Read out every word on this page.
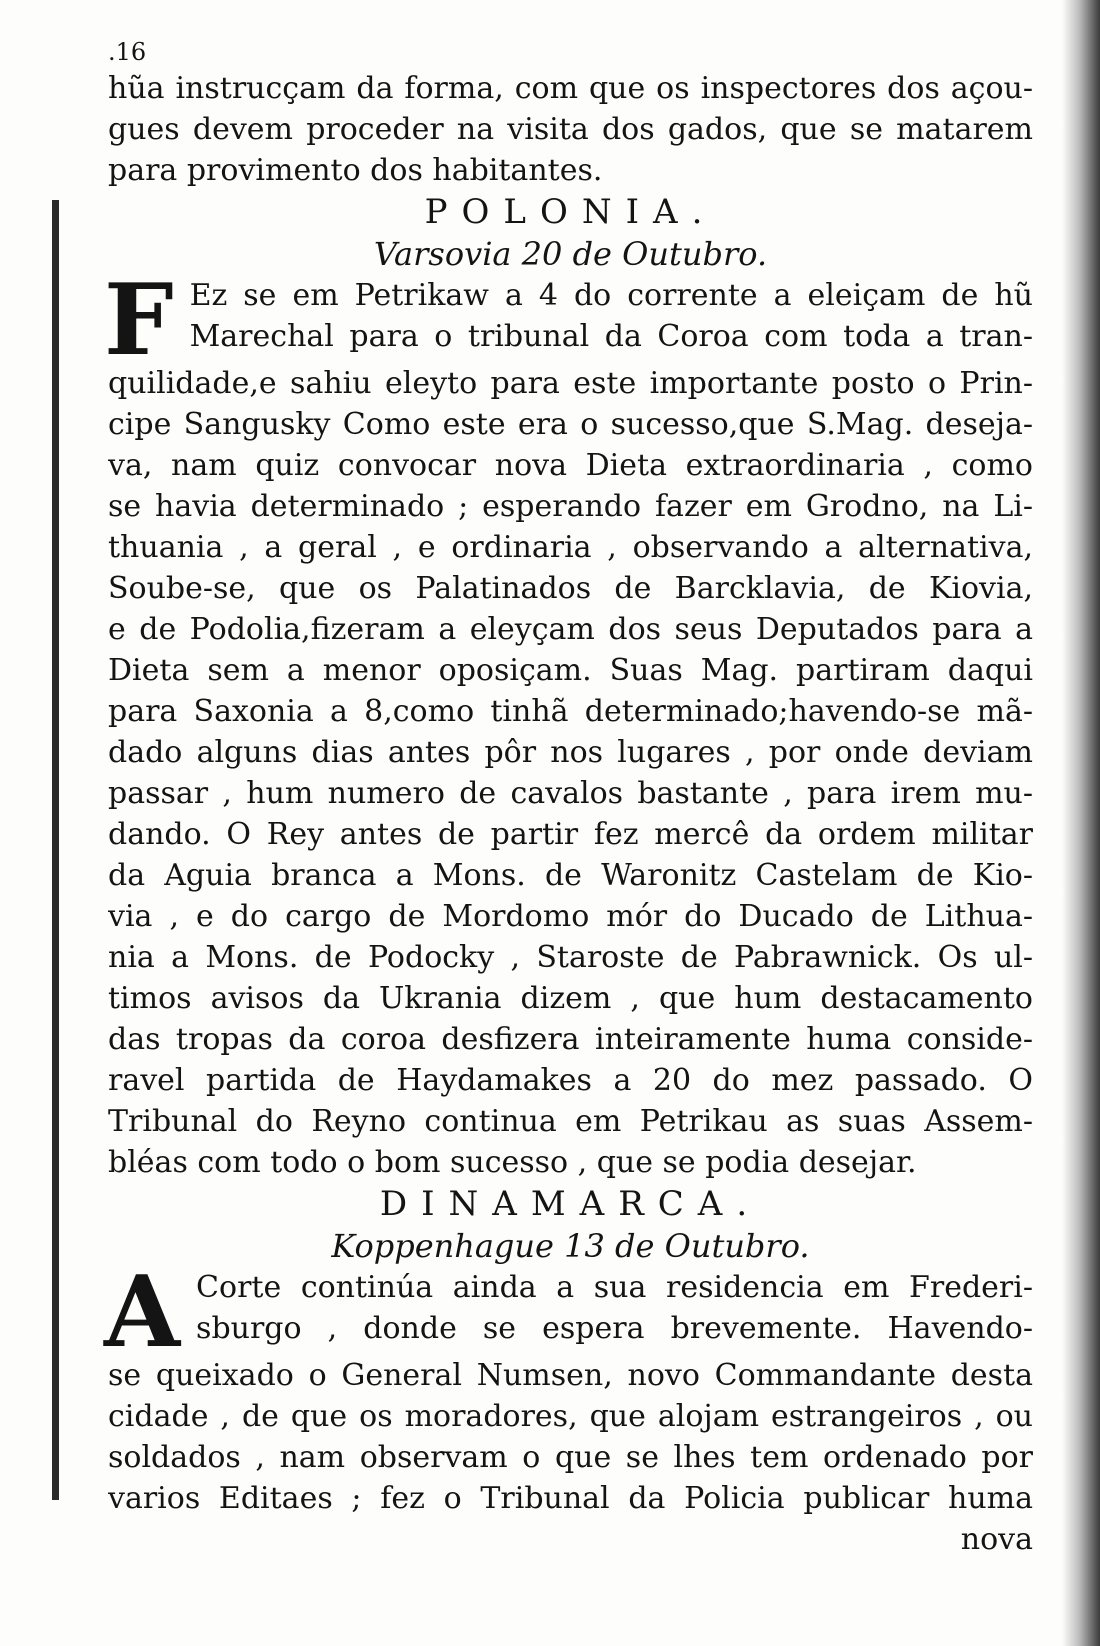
.16
hũa instrucçam da forma, com que os inspectores dos açou-
gues devem proceder na visita dos gados, que se matarem
para provimento dos habitantes.
POLONIA.
Varsovia 20 de Outubro.
F Ez se em Petrikaw a 4 do corrente a eleiçam de hũ
Marechal para o tribunal da Coroa com toda a tran-
quilidade,e sahiu eleyto para este importante posto o Prin-
cipe Sangusky Como este era o sucesso,que S.Mag. deseja-
va, nam quiz convocar nova Dieta extraordinaria , como
se havia determinado ; esperando fazer em Grodno, na Li-
thuania , a geral , e ordinaria , observando a alternativa,
Soube-se, que os Palatinados de Barcklavia, de Kiovia,
e de Podolia,fizeram a eleyçam dos seus Deputados para a
Dieta sem a menor oposiçam. Suas Mag. partiram daqui
para Saxonia a 8,como tinhã determinado;havendo-se mã-
dado alguns dias antes pôr nos lugares , por onde deviam
passar , hum numero de cavalos bastante , para irem mu-
dando. O Rey antes de partir fez mercê da ordem militar
da Aguia branca a Mons. de Waronitz Castelam de Kio-
via , e do cargo de Mordomo mór do Ducado de Lithua-
nia a Mons. de Podocky , Staroste de Pabrawnick. Os ul-
timos avisos da Ukrania dizem , que hum destacamento
das tropas da coroa desfizera inteiramente huma conside-
ravel partida de Haydamakes a 20 do mez passado. O
Tribunal do Reyno continua em Petrikau as suas Assem-
bléas com todo o bom sucesso , que se podia desejar.
DINAMARCA.
Koppenhague 13 de Outubro.
A Corte continúa ainda a sua residencia em Frederi-
sburgo , donde se espera brevemente. Havendo-
se queixado o General Numsen, novo Commandante desta
cidade , de que os moradores, que alojam estrangeiros , ou
soldados , nam observam o que se lhes tem ordenado por
varios Editaes ; fez o Tribunal da Policia publicar huma
nova
